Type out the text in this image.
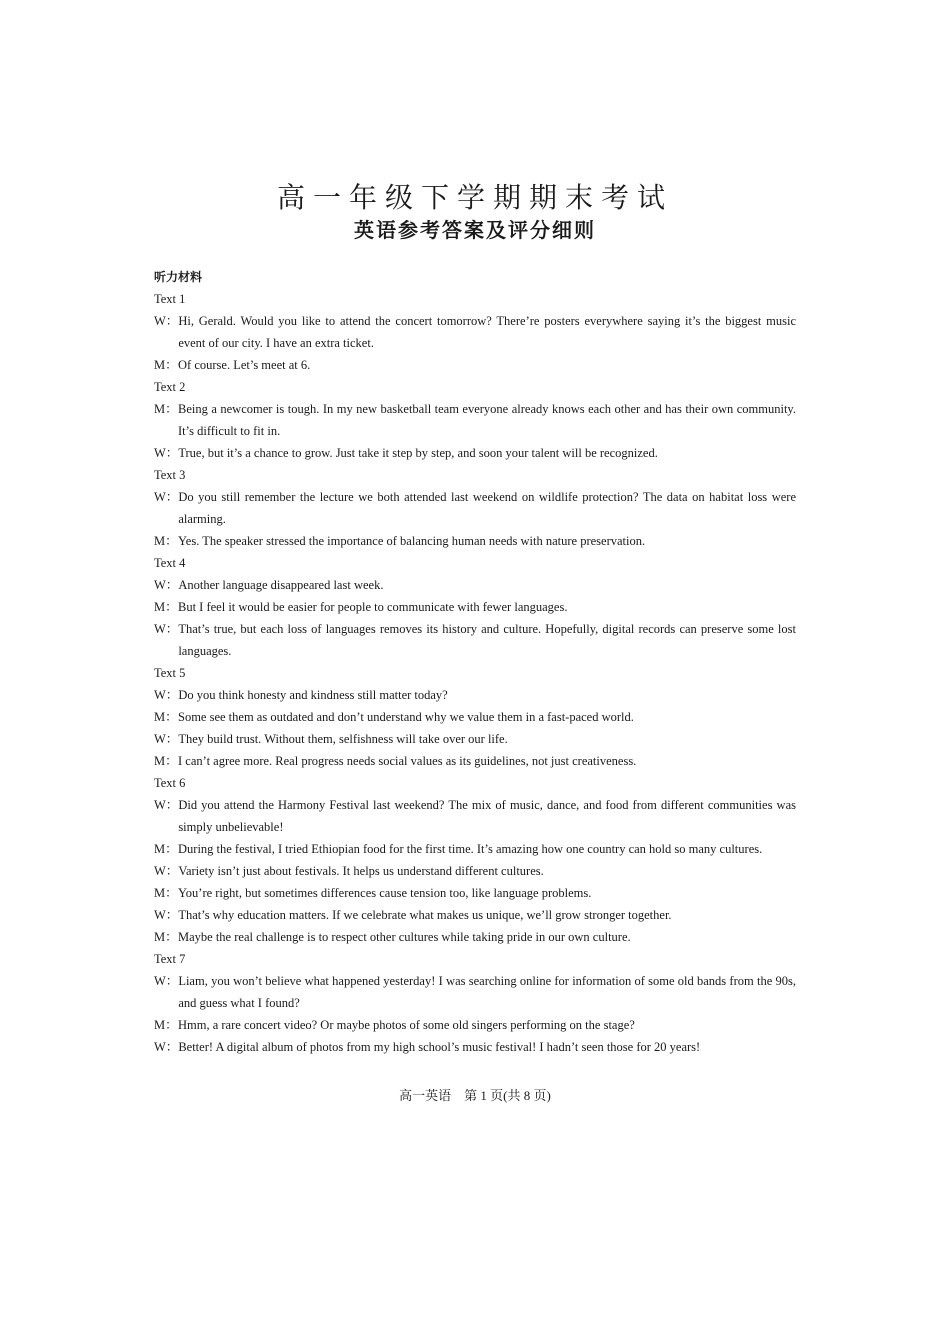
高一年级下学期期末考试
英语参考答案及评分细则
听力材料
Text 1
W： Hi, Gerald. Would you like to attend the concert tomorrow? There’re posters everywhere saying it’s the biggest music event of our city. I have an extra ticket.
M： Of course. Let’s meet at 6.
Text 2
M： Being a newcomer is tough. In my new basketball team everyone already knows each other and has their own community. It’s difficult to fit in.
W： True, but it’s a chance to grow. Just take it step by step, and soon your talent will be recognized.
Text 3
W： Do you still remember the lecture we both attended last weekend on wildlife protection? The data on habitat loss were alarming.
M： Yes. The speaker stressed the importance of balancing human needs with nature preservation.
Text 4
W： Another language disappeared last week.
M： But I feel it would be easier for people to communicate with fewer languages.
W： That’s true, but each loss of languages removes its history and culture. Hopefully, digital records can preserve some lost languages.
Text 5
W： Do you think honesty and kindness still matter today?
M： Some see them as outdated and don’t understand why we value them in a fast-paced world.
W： They build trust. Without them, selfishness will take over our life.
M： I can’t agree more. Real progress needs social values as its guidelines, not just creativeness.
Text 6
W： Did you attend the Harmony Festival last weekend? The mix of music, dance, and food from different communities was simply unbelievable!
M： During the festival, I tried Ethiopian food for the first time. It’s amazing how one country can hold so many cultures.
W： Variety isn’t just about festivals. It helps us understand different cultures.
M： You’re right, but sometimes differences cause tension too, like language problems.
W： That’s why education matters. If we celebrate what makes us unique, we’ll grow stronger together.
M： Maybe the real challenge is to respect other cultures while taking pride in our own culture.
Text 7
W： Liam, you won’t believe what happened yesterday! I was searching online for information of some old bands from the 90s, and guess what I found?
M： Hmm, a rare concert video? Or maybe photos of some old singers performing on the stage?
W： Better! A digital album of photos from my high school’s music festival! I hadn’t seen those for 20 years!
高一英语　第 1 页(共 8 页)
